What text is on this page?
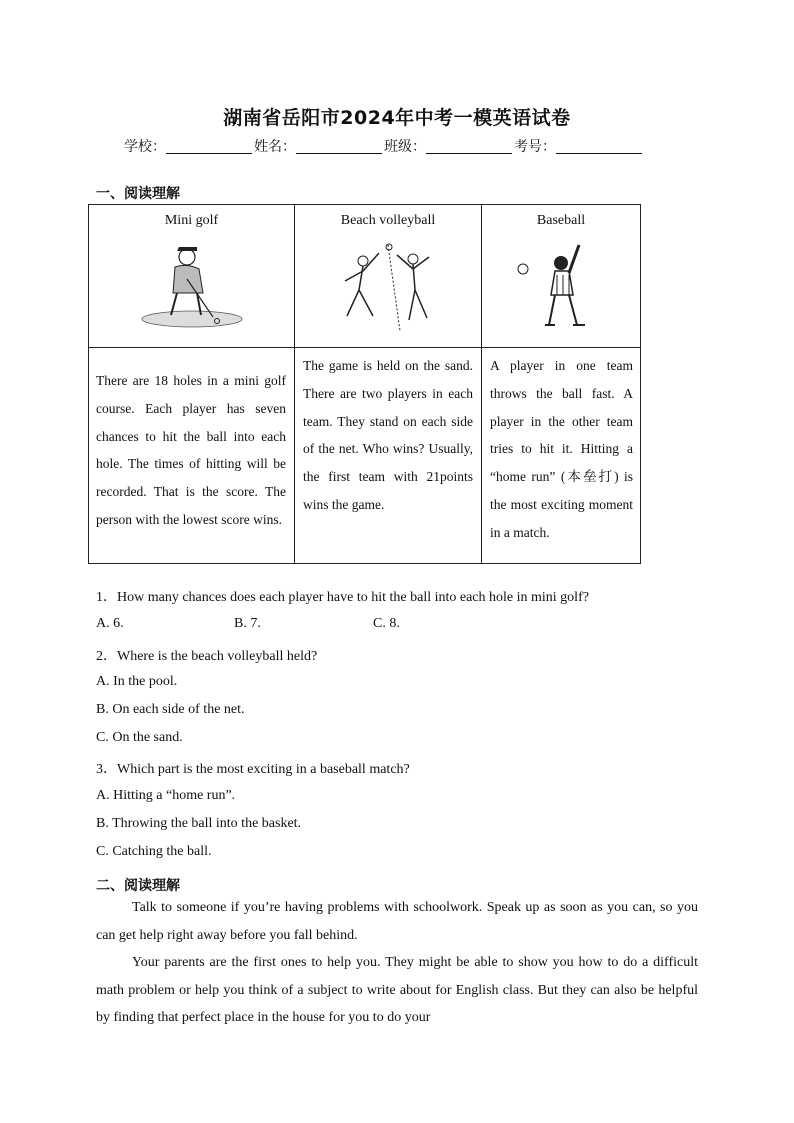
湖南省岳阳市2024年中考一模英语试卷
学校：	姓名：	班级：	考号：
一、阅读理解
Mini golf	Beach volleyball	Baseball

There are 18 holes in a mini golf course. Each player has seven chances to hit the ball into each hole. The times of hitting will be recorded. That is the score. The person with the lowest score wins.	The game is held on the sand. There are two players in each team. They stand on each side of the net. Who wins? Usually, the first team with 21points wins the game.	A player in one team throws the ball fast. A player in the other team tries to hit it. Hitting a “home run” (本垒打) is the most exciting moment in a match.
1．How many chances does each player have to hit the ball into each hole in mini golf?
A. 6.	B. 7.	C. 8.
2．Where is the beach volleyball held?
A. In the pool.
B. On each side of the net.
C. On the sand.
3．Which part is the most exciting in a baseball match?
A. Hitting a “home run”.
B. Throwing the ball into the basket.
C. Catching the ball.
二、阅读理解

Talk to someone if you’re having problems with schoolwork. Speak up as soon as you can, so you can get help right away before you fall behind.

Your parents are the first ones to help you. They might be able to show you how to do a difficult math problem or help you think of a subject to write about for English class. But they can also be helpful by finding that perfect place in the house for you to do your
